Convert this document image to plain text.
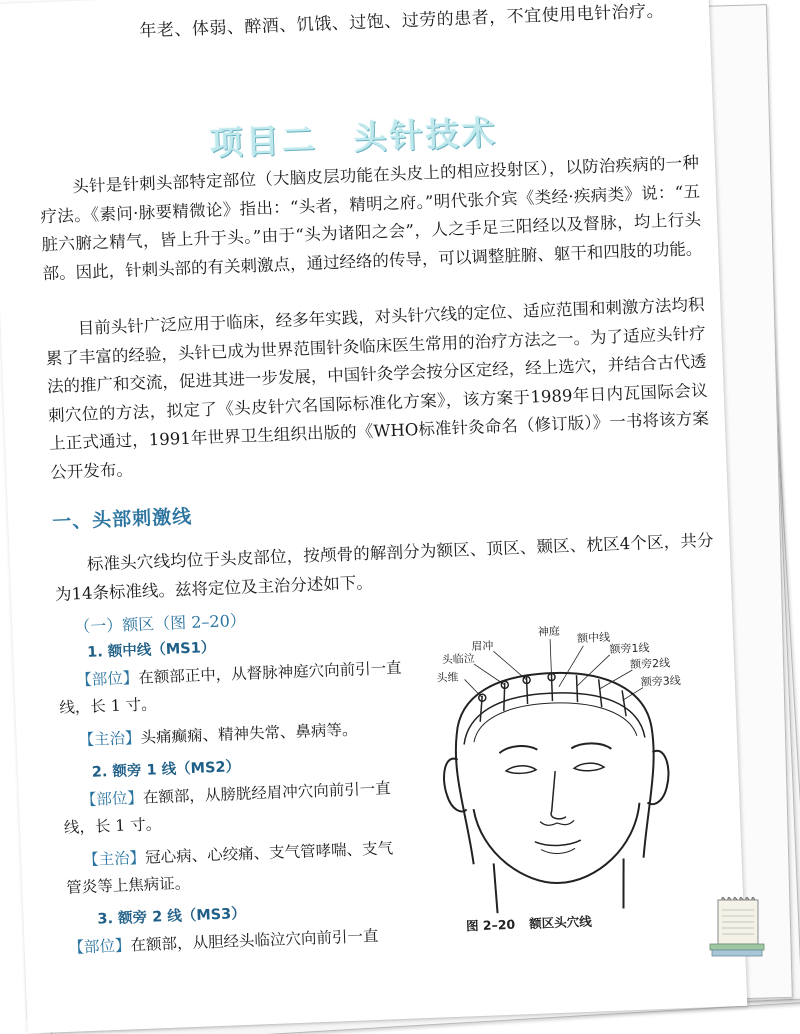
年老、体弱、醉酒、饥饿、过饱、过劳的患者，不宜使用电针治疗。
项目二　头针技术

头针是针刺头部特定部位（大脑皮层功能在头皮上的相应投射区），以防治疾病的一种疗法。《素问·脉要精微论》指出：“头者，精明之府。”明代张介宾《类经·疾病类》说：“五脏六腑之精气，皆上升于头。”由于“头为诸阳之会”，人之手足三阳经以及督脉，均上行头部。因此，针刺头部的有关刺激点，通过经络的传导，可以调整脏腑、躯干和四肢的功能。

目前头针广泛应用于临床，经多年实践，对头针穴线的定位、适应范围和刺激方法均积累了丰富的经验，头针已成为世界范围针灸临床医生常用的治疗方法之一。为了适应头针疗法的推广和交流，促进其进一步发展，中国针灸学会按分区定经，经上选穴，并结合古代透刺穴位的方法，拟定了《头皮针穴名国际标准化方案》，该方案于1989年日内瓦国际会议上正式通过，1991年世界卫生组织出版的《WHO标准针灸命名（修订版）》一书将该方案公开发布。

一、头部刺激线

标准头穴线均位于头皮部位，按颅骨的解剖分为额区、顶区、颞区、枕区4个区，共分为14条标准线。兹将定位及主治分述如下。

（一）额区（图 2–20）
1. 额中线（MS1）
【部位】在额部正中，从督脉神庭穴向前引一直
线，长 1 寸。
【主治】头痛癫痫、精神失常、鼻病等。
2. 额旁 1 线（MS2）
【部位】在额部，从膀胱经眉冲穴向前引一直
线，长 1 寸。
【主治】冠心病、心绞痛、支气管哮喘、支气
管炎等上焦病证。
3. 额旁 2 线（MS3）
【部位】在额部，从胆经头临泣穴向前引一直
神庭
眉冲
头临泣
头维
额中线
额旁1线
额旁2线
额旁3线
图 2–20 额区头穴线
